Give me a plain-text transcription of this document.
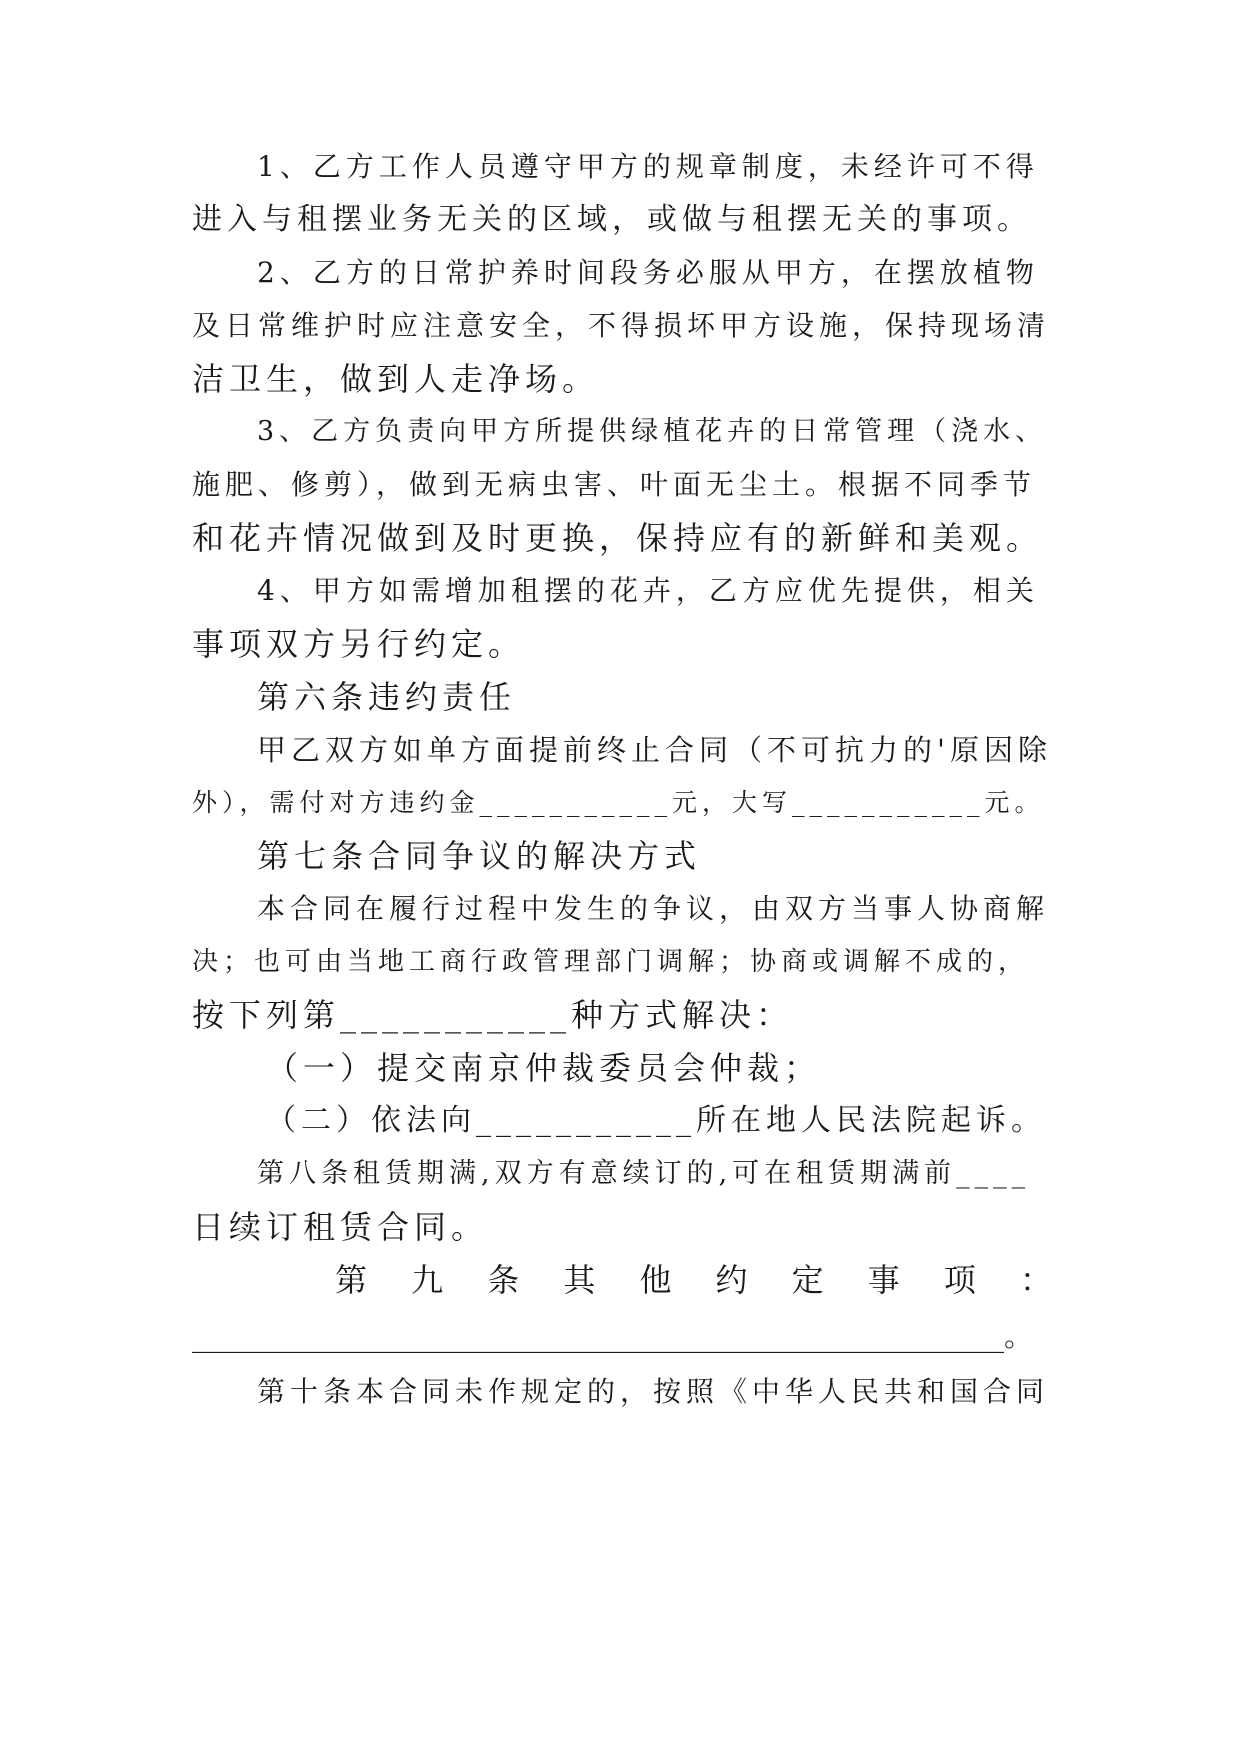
1、乙方工作人员遵守甲方的规章制度，未经许可不得
进入与租摆业务无关的区域，或做与租摆无关的事项。
2、乙方的日常护养时间段务必服从甲方，在摆放植物
及日常维护时应注意安全，不得损坏甲方设施，保持现场清
洁卫生，做到人走净场。
3、乙方负责向甲方所提供绿植花卉的日常管理（浇水、
施肥、修剪），做到无病虫害、叶面无尘土。根据不同季节
和花卉情况做到及时更换，保持应有的新鲜和美观。
4、甲方如需增加租摆的花卉，乙方应优先提供，相关
事项双方另行约定。
第六条违约责任
甲乙双方如单方面提前终止合同（不可抗力的'原因除
外），需付对方违约金___________元，大写___________元。
第七条合同争议的解决方式
本合同在履行过程中发生的争议，由双方当事人协商解
决；也可由当地工商行政管理部门调解；协商或调解不成的，
按下列第___________种方式解决：
（一）提交南京仲裁委员会仲裁；
（二）依法向___________所在地人民法院起诉。
第八条租赁期满,双方有意续订的,可在租赁期满前____
日续订租赁合同。
第 九 条 其 他 约 定 事 项 ：
________________________________________________________。
第十条本合同未作规定的，按照《中华人民共和国合同
